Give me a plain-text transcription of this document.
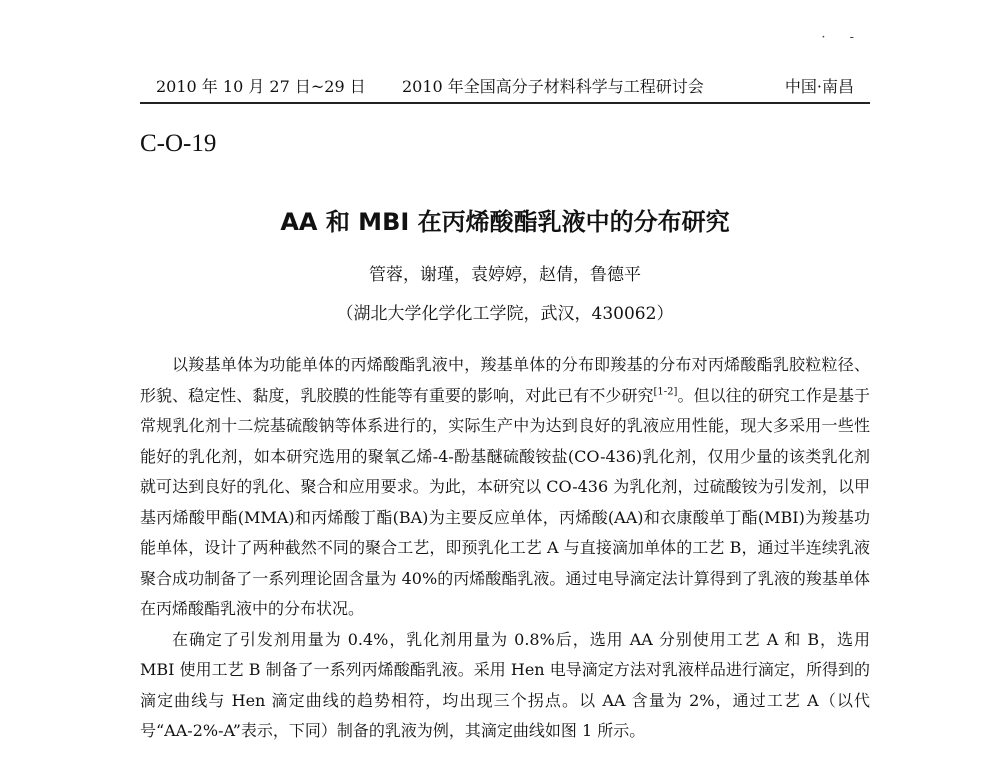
· -
2010 年 10 月 27 日~29 日 2010 年全国高分子材料科学与工程研讨会	中国·南昌
C-O-19
AA 和 MBI 在丙烯酸酯乳液中的分布研究
管蓉，谢瑾，袁婷婷，赵倩，鲁德平
（湖北大学化学化工学院，武汉，430062）

以羧基单体为功能单体的丙烯酸酯乳液中，羧基单体的分布即羧基的分布对丙烯酸酯乳胶粒粒径、形貌、稳定性、黏度，乳胶膜的性能等有重要的影响，对此已有不少研究[1-2]。但以往的研究工作是基于常规乳化剂十二烷基硫酸钠等体系进行的，实际生产中为达到良好的乳液应用性能，现大多采用一些性能好的乳化剂，如本研究选用的聚氧乙烯-4-酚基醚硫酸铵盐(CO-436)乳化剂，仅用少量的该类乳化剂就可达到良好的乳化、聚合和应用要求。为此，本研究以 CO-436 为乳化剂，过硫酸铵为引发剂，以甲基丙烯酸甲酯(MMA)和丙烯酸丁酯(BA)为主要反应单体，丙烯酸(AA)和衣康酸单丁酯(MBI)为羧基功能单体，设计了两种截然不同的聚合工艺，即预乳化工艺 A 与直接滴加单体的工艺 B，通过半连续乳液聚合成功制备了一系列理论固含量为 40%的丙烯酸酯乳液。通过电导滴定法计算得到了乳液的羧基单体在丙烯酸酯乳液中的分布状况。

在确定了引发剂用量为 0.4%，乳化剂用量为 0.8%后，选用 AA 分别使用工艺 A 和 B，选用 MBI 使用工艺 B 制备了一系列丙烯酸酯乳液。采用 Hen 电导滴定方法对乳液样品进行滴定，所得到的滴定曲线与 Hen 滴定曲线的趋势相符，均出现三个拐点。以 AA 含量为 2%，通过工艺 A（以代号“AA-2%-A”表示，下同）制备的乳液为例，其滴定曲线如图 1 所示。
